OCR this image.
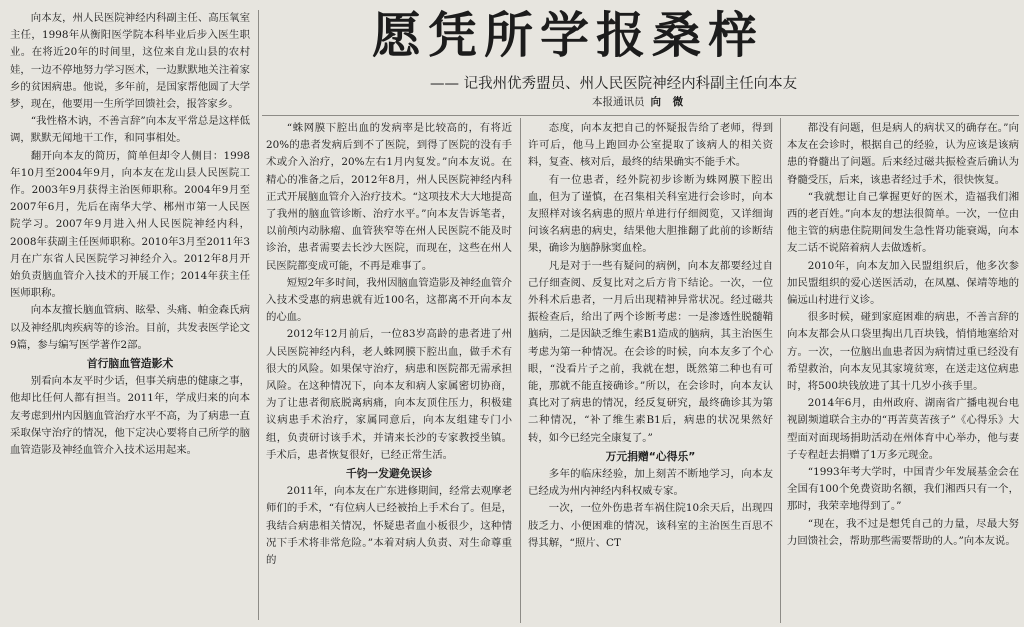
愿凭所学报桑梓
—— 记我州优秀盟员、州人民医院神经内科副主任向本友
本报通讯员 向 微

向本友，州人民医院神经内科副主任、高压氧室主任，1998年从衡阳医学院本科毕业后步入医生职业。在将近20年的时间里，这位来自龙山县的农村娃，一边不停地努力学习医术，一边默默地关注着家乡的贫困病患。他说，多年前，是国家帮他圆了大学梦，现在，他要用一生所学回馈社会，报答家乡。

“我性格木讷，不善言辞”向本友平常总是这样低调，默默无闻地干工作，和同事相处。

翻开向本友的简历，简单但却令人侧目：1998年10月至2004年9月，向本友在龙山县人民医院工作。2003年9月获得主治医师职称。2004年9月至2007年6月，先后在南华大学、郴州市第一人民医院学习。2007年9月进入州人民医院神经内科，2008年获副主任医师职称。2010年3月至2011年3月在广东省人民医院学习神经介入。2012年8月开始负责脑血管介入技术的开展工作；2014年获主任医师职称。

向本友擅长脑血管病、眩晕、头痛、帕金森氏病以及神经肌肉疾病等的诊治。目前，共发表医学论文9篇，参与编写医学著作2部。

首行脑血管造影术

别看向本友平时少话，但事关病患的健康之事，他却比任何人都有担当。2011年，学成归来的向本友考虑到州内因脑血管治疗水平不高，为了病患一直采取保守治疗的情况，他下定决心要将自己所学的脑血管造影及神经血管介入技术运用起来。

“蛛网膜下腔出血的发病率是比较高的，有将近20%的患者发病后到不了医院，到得了医院的没有手术或介入治疗，20%左右1月内复发。”向本友说。在精心的准备之后，2012年8月，州人民医院神经内科正式开展脑血管介入治疗技术。“这项技术大大地提高了我州的脑血管诊断、治疗水平。”向本友告诉笔者，以前颅内动脉瘤、血管狭窄等在州人民医院不能及时诊治，患者需要去长沙大医院，而现在，这些在州人民医院都变成可能，不再是难事了。

短短2年多时间，我州因脑血管造影及神经血管介入技术受惠的病患就有近100名，这都离不开向本友的心血。

2012年12月前后，一位83岁高龄的患者进了州人民医院神经内科，老人蛛网膜下腔出血，做手术有很大的风险。如果保守治疗，病患和医院都无需承担风险。在这种情况下，向本友和病人家属密切协商，为了让患者彻底脱离病痛，向本友顶住压力，积极建议病患手术治疗，家属同意后，向本友组建专门小组，负责研讨该手术，并请来长沙的专家教授坐镇。手术后，患者恢复很好，已经正常生活。

千钧一发避免误诊

2011年，向本友在广东进修期间，经常去观摩老师们的手术，“有位病人已经被抬上手术台了。但是，我结合病患相关情况，怀疑患者血小板很少，这种情况下手术将非常危险。”本着对病人负责、对生命尊重的

态度，向本友把自己的怀疑报告给了老师，得到许可后，他马上跑回办公室提取了该病人的相关资料，复查、核对后，最终的结果确实不能手术。

有一位患者，经外院初步诊断为蛛网膜下腔出血，但为了谨慎，在召集相关科室进行会诊时，向本友照样对该名病患的照片单进行仔细阅览，又详细询问该名病患的病史，结果他大胆推翻了此前的诊断结果，确诊为脑静脉窦血栓。

凡是对于一些有疑问的病例，向本友都要经过自己仔细查阅、反复比对之后方肯下结论。一次，一位外科术后患者，一月后出现精神异常状况。经过磁共振检查后，给出了两个诊断考虑：一是渗透性脱髓鞘脑病，二是因缺乏维生素B1造成的脑病，其主治医生考虑为第一种情况。在会诊的时候，向本友多了个心眼，“没看片子之前，我就在想，既然第二种也有可能，那就不能直接确诊。”所以，在会诊时，向本友认真比对了病患的情况，经反复研究，最终确诊其为第二种情况，“补了维生素B1后，病患的状况果然好转，如今已经完全康复了。”

万元捐赠“心得乐”

多年的临床经验，加上刻苦不断地学习，向本友已经成为州内神经内科权威专家。

一次，一位外伤患者车祸住院10余天后，出现四肢乏力、小便困难的情况，该科室的主治医生百思不得其解，“照片、CT

都没有问题，但是病人的病状又的确存在。”向本友在会诊时，根据自己的经验，认为应该是该病患的脊髓出了问题。后来经过磁共振检查后确认为脊髓受压，后来，该患者经过手术，很快恢复。

“我就想让自己掌握更好的医术，造福我们湘西的老百姓。”向本友的想法很简单。一次，一位由他主管的病患住院期间发生急性肾功能衰竭，向本友二话不说陪着病人去做透析。

2010年，向本友加入民盟组织后，他多次参加民盟组织的爱心送医活动，在凤凰、保靖等地的偏远山村进行义诊。

很多时候，碰到家庭困难的病患，不善言辞的向本友都会从口袋里掏出几百块钱，悄悄地塞给对方。一次，一位脑出血患者因为病情过重已经没有希望救治，向本友见其家境贫寒，在送走这位病患时，将500块钱放进了其十几岁小孩手里。

2014年6月，由州政府、湖南省广播电视台电视剧频道联合主办的“再苦莫苦孩子”《心得乐》大型面对面现场捐助活动在州体育中心举办，他与妻子专程赶去捐赠了1万多元现金。

“1993年考大学时，中国青少年发展基金会在全国有100个免费资助名额，我们湘西只有一个，那时，我荣幸地得到了。”

“现在，我不过是想凭自己的力量，尽最大努力回馈社会，帮助那些需要帮助的人。”向本友说。
